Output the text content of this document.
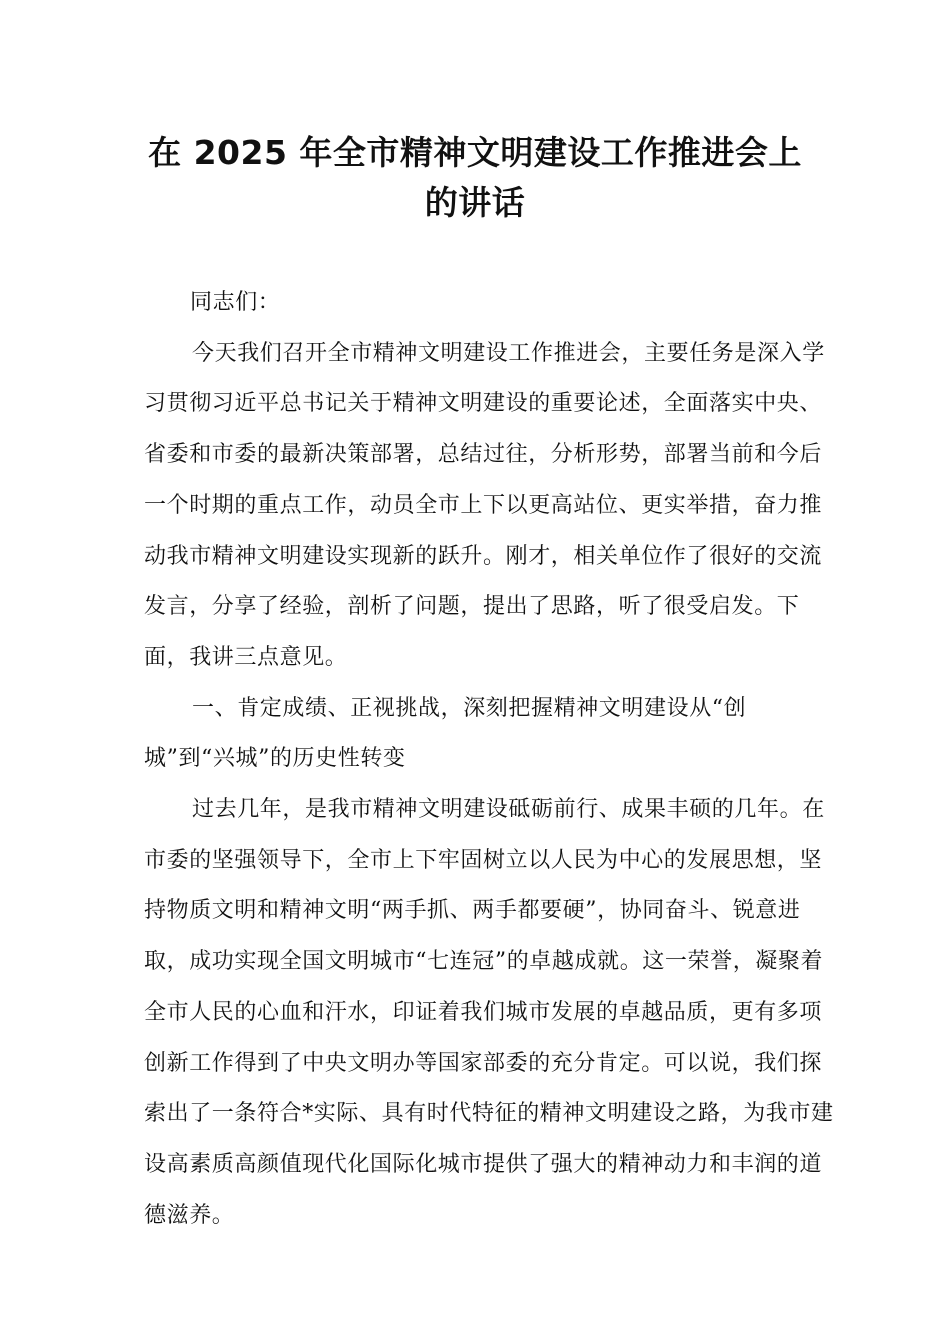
在 2025 年全市精神文明建设工作推进会上
的讲话

同志们：

今天我们召开全市精神文明建设工作推进会，主要任务是深入学习贯彻习近平总书记关于精神文明建设的重要论述，全面落实中央、省委和市委的最新决策部署，总结过往，分析形势，部署当前和今后一个时期的重点工作，动员全市上下以更高站位、更实举措，奋力推动我市精神文明建设实现新的跃升。刚才，相关单位作了很好的交流发言，分享了经验，剖析了问题，提出了思路，听了很受启发。下面，我讲三点意见。

一、肯定成绩、正视挑战，深刻把握精神文明建设从“创城”到“兴城”的历史性转变

过去几年，是我市精神文明建设砥砺前行、成果丰硕的几年。在市委的坚强领导下，全市上下牢固树立以人民为中心的发展思想，坚持物质文明和精神文明“两手抓、两手都要硬”，协同奋斗、锐意进取，成功实现全国文明城市“七连冠”的卓越成就。这一荣誉，凝聚着全市人民的心血和汗水，印证着我们城市发展的卓越品质，更有多项创新工作得到了中央文明办等国家部委的充分肯定。可以说，我们探索出了一条符合*实际、具有时代特征的精神文明建设之路，为我市建设高素质高颜值现代化国际化城市提供了强大的精神动力和丰润的道德滋养。
